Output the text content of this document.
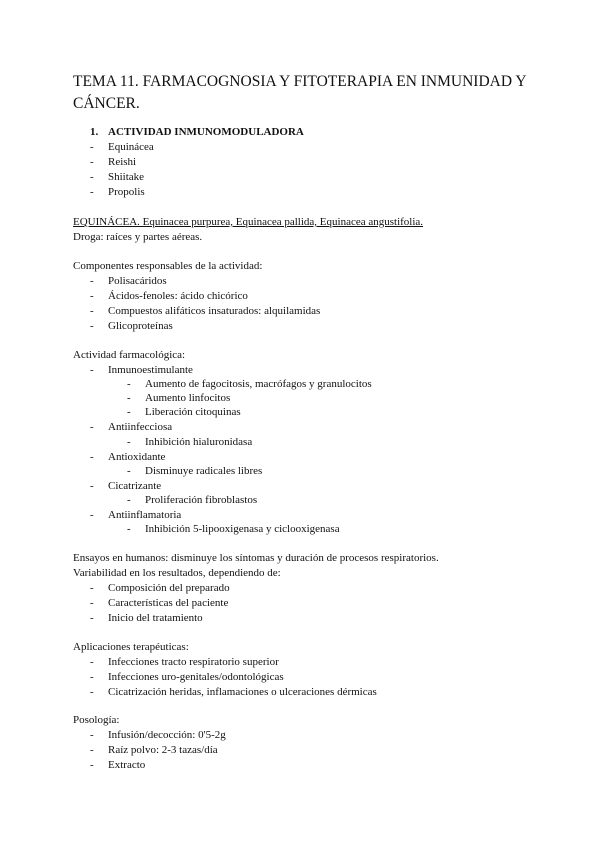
TEMA 11. FARMACOGNOSIA Y FITOTERAPIA EN INMUNIDAD Y CÁNCER.
1. ACTIVIDAD INMUNOMODULADORA
- Equinácea
- Reishi
- Shiitake
- Propolis
EQUINÁCEA. Equinacea purpurea, Equinacea pallida, Equinacea angustifolia.
Droga: raíces y partes aéreas.
Componentes responsables de la actividad:
- Polisacáridos
- Ácidos-fenoles: ácido chicórico
- Compuestos alifáticos insaturados: alquilamidas
- Glicoproteínas
Actividad farmacológica:
- Inmunoestimulante
- Aumento de fagocitosis, macrófagos y granulocitos
- Aumento linfocitos
- Liberación citoquinas
- Antiinfecciosa
- Inhibición hialuronidasa
- Antioxidante
- Disminuye radicales libres
- Cicatrizante
- Proliferación fibroblastos
- Antiinflamatoria
- Inhibición 5-lipooxigenasa y ciclooxigenasa
Ensayos en humanos: disminuye los síntomas y duración de procesos respiratorios.
Variabilidad en los resultados, dependiendo de:
- Composición del preparado
- Características del paciente
- Inicio del tratamiento
Aplicaciones terapéuticas:
- Infecciones tracto respiratorio superior
- Infecciones uro-genitales/odontológicas
- Cicatrización heridas, inflamaciones o ulceraciones dérmicas
Posología:
- Infusión/decocción: 0'5-2g
- Raíz polvo: 2-3 tazas/día
- Extracto
